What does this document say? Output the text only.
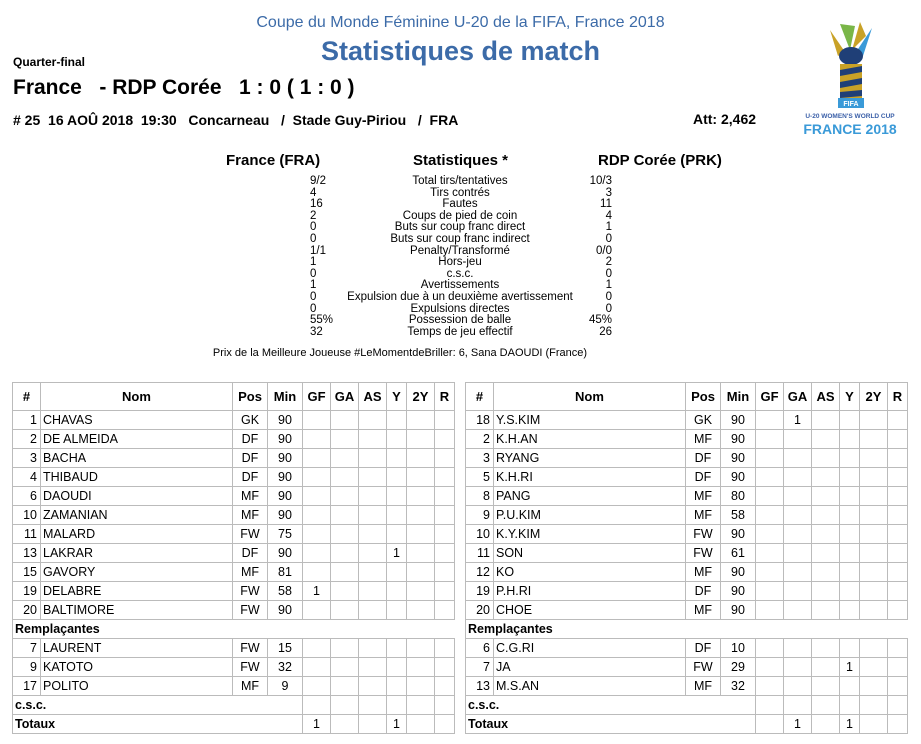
Coupe du Monde Féminine U-20 de la FIFA, France 2018
Statistiques de match
Quarter-final
France   - RDP Corée   1 : 0 ( 1 : 0 )
# 25  16 AOÛ 2018  19:30   Concarneau   /  Stade Guy-Piriou   /  FRA	Att: 2,462
FIFA
U-20 WOMEN'S WORLD CUP
FRANCE 2018
France (FRA)	Statistiques *	RDP Corée (PRK)
9/2	Total tirs/tentatives	10/3
4	Tirs contrés	3
16	Fautes	11
2	Coups de pied de coin	4
0	Buts sur coup franc direct	1
0	Buts sur coup franc indirect	0
1/1	Penalty/Transformé	0/0
1	Hors-jeu	2
0	c.s.c.	0
1	Avertissements	1
0	Expulsion due à un deuxième avertissement	0
0	Expulsions directes	0
55%	Possession de balle	45%
32	Temps de jeu effectif	26
Prix de la Meilleure Joueuse #LeMomentdeBriller: 6, Sana DAOUDI (France)
#	Nom	Pos	Min	GF	GA	AS	Y	2Y	R
1	CHAVAS	GK	90						
2	DE ALMEIDA	DF	90						
3	BACHA	DF	90						
4	THIBAUD	DF	90						
6	DAOUDI	MF	90						
10	ZAMANIAN	MF	90						
11	MALARD	FW	75						
13	LAKRAR	DF	90				1		
15	GAVORY	MF	81						
19	DELABRE	FW	58	1					
20	BALTIMORE	FW	90						
Remplaçantes									
7	LAURENT	FW	15						
9	KATOTO	FW	32						
17	POLITO	MF	9						
c.s.c.									
Totaux				1			1		
#	Nom	Pos	Min	GF	GA	AS	Y	2Y	R
18	Y.S.KIM	GK	90		1				
2	K.H.AN	MF	90						
3	RYANG	DF	90						
5	K.H.RI	DF	90						
8	PANG	MF	80						
9	P.U.KIM	MF	58						
10	K.Y.KIM	FW	90						
11	SON	FW	61						
12	KO	MF	90						
19	P.H.RI	DF	90						
20	CHOE	MF	90						
Remplaçantes									
6	C.G.RI	DF	10						
7	JA	FW	29				1		
13	M.S.AN	MF	32						
c.s.c.									
Totaux					1		1		
